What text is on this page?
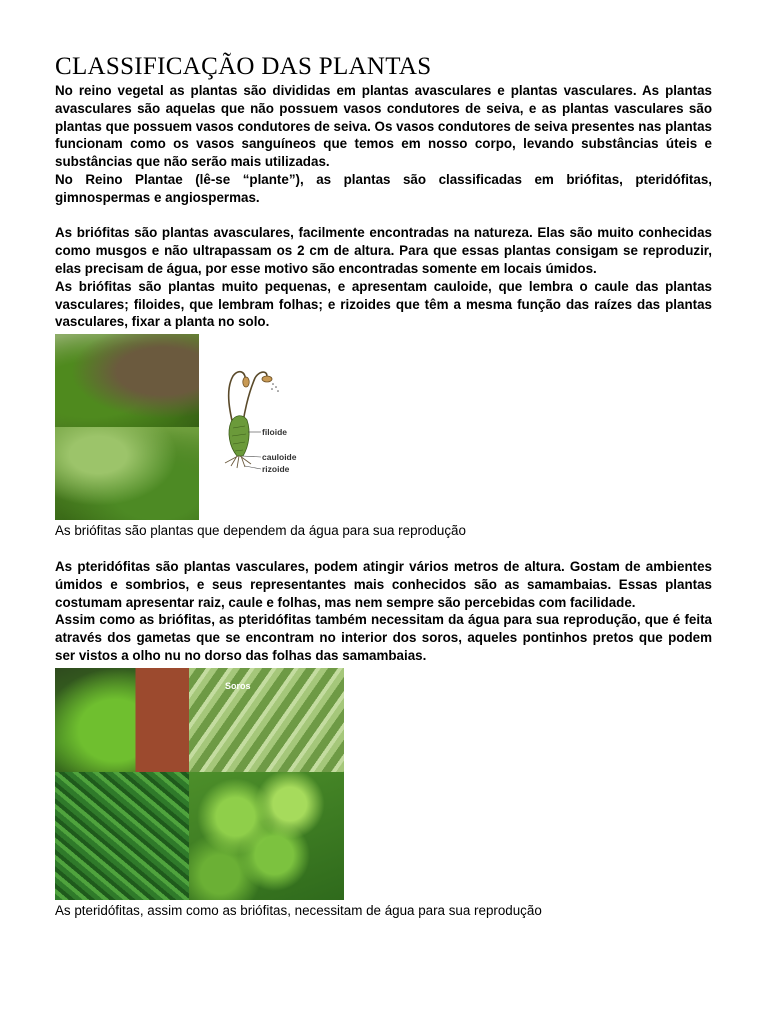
CLASSIFICAÇÃO DAS PLANTAS

No reino vegetal as plantas são divididas em plantas avasculares e plantas vasculares. As plantas avasculares são aquelas que não possuem vasos condutores de seiva, e as plantas vasculares são plantas que possuem vasos condutores de seiva. Os vasos condutores de seiva presentes nas plantas funcionam como os vasos sanguíneos que temos em nosso corpo, levando substâncias úteis e substâncias que não serão mais utilizadas.

No Reino Plantae (lê-se “plante”), as plantas são classificadas em briófitas, pteridófitas, gimnospermas e angiospermas.

As briófitas são plantas avasculares, facilmente encontradas na natureza. Elas são muito conhecidas como musgos e não ultrapassam os 2 cm de altura. Para que essas plantas consigam se reproduzir, elas precisam de água, por esse motivo são encontradas somente em locais úmidos.

As briófitas são plantas muito pequenas, e apresentam cauloide, que lembra o caule das plantas vasculares; filoides, que lembram folhas; e rizoides que têm a mesma função das raízes das plantas vasculares, fixar a planta no solo.

filoide
cauloide
rizoide

As briófitas são plantas que dependem da água para sua reprodução

As pteridófitas são plantas vasculares, podem atingir vários metros de altura. Gostam de ambientes úmidos e sombrios, e seus representantes mais conhecidos são as samambaias. Essas plantas costumam apresentar raiz, caule e folhas, mas nem sempre são percebidas com facilidade.

Assim como as briófitas, as pteridófitas também necessitam da água para sua reprodução, que é feita através dos gametas que se encontram no interior dos soros, aqueles pontinhos pretos que podem ser vistos a olho nu no dorso das folhas das samambaias.

Soros

As pteridófitas, assim como as briófitas, necessitam de água para sua reprodução
